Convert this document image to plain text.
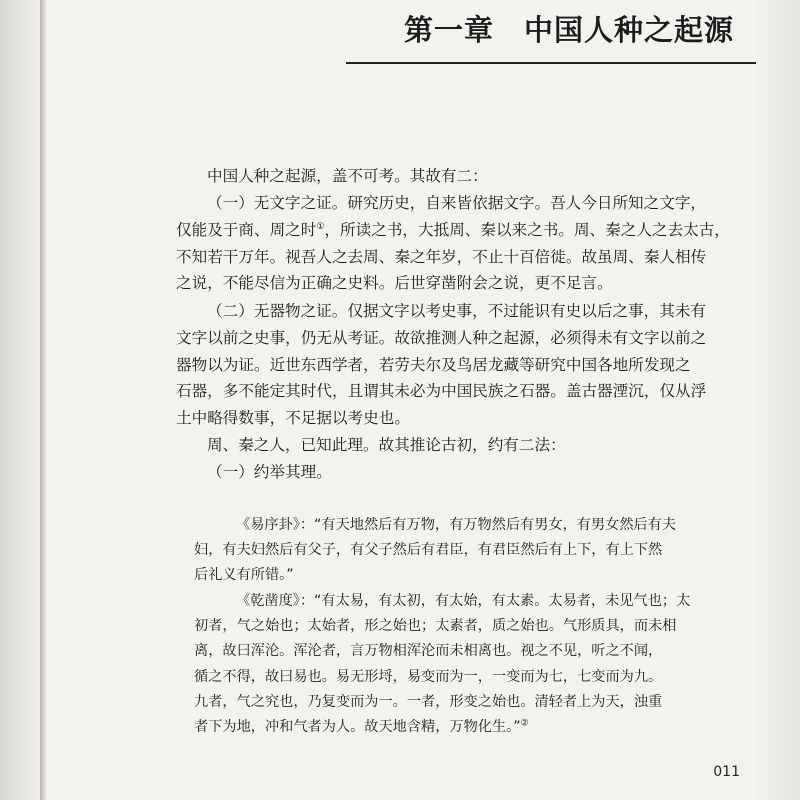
第一章　中国人种之起源
中国人种之起源，盖不可考。其故有二：
（一）无文字之证。研究历史，自来皆依据文字。吾人今日所知之文字，
仅能及于商、周之时①，所读之书，大抵周、秦以来之书。周、秦之人之去太古，
不知若干万年。视吾人之去周、秦之年岁，不止十百倍徙。故虽周、秦人相传
之说，不能尽信为正确之史料。后世穿凿附会之说，更不足言。
（二）无器物之证。仅据文字以考史事，不过能识有史以后之事，其未有
文字以前之史事，仍无从考证。故欲推测人种之起源，必须得未有文字以前之
器物以为证。近世东西学者，若劳夫尔及鸟居龙藏等研究中国各地所发现之
石器，多不能定其时代，且谓其未必为中国民族之石器。盖古器湮沉，仅从浮
土中略得数事，不足据以考史也。
周、秦之人，已知此理。故其推论古初，约有二法：
（一）约举其理。
《易序卦》：“有天地然后有万物，有万物然后有男女，有男女然后有夫
妇，有夫妇然后有父子，有父子然后有君臣，有君臣然后有上下，有上下然
后礼义有所错。”
《乾凿度》：“有太易，有太初，有太始，有太素。太易者，未见气也；太
初者，气之始也；太始者，形之始也；太素者，质之始也。气形质具，而未相
离，故曰浑沦。浑沦者，言万物相浑沦而未相离也。视之不见，听之不闻，
循之不得，故曰易也。易无形埒，易变而为一，一变而为七，七变而为九。
九者，气之究也，乃复变而为一。一者，形变之始也。清轻者上为天，浊重
者下为地，冲和气者为人。故天地含精，万物化生。”②
011
